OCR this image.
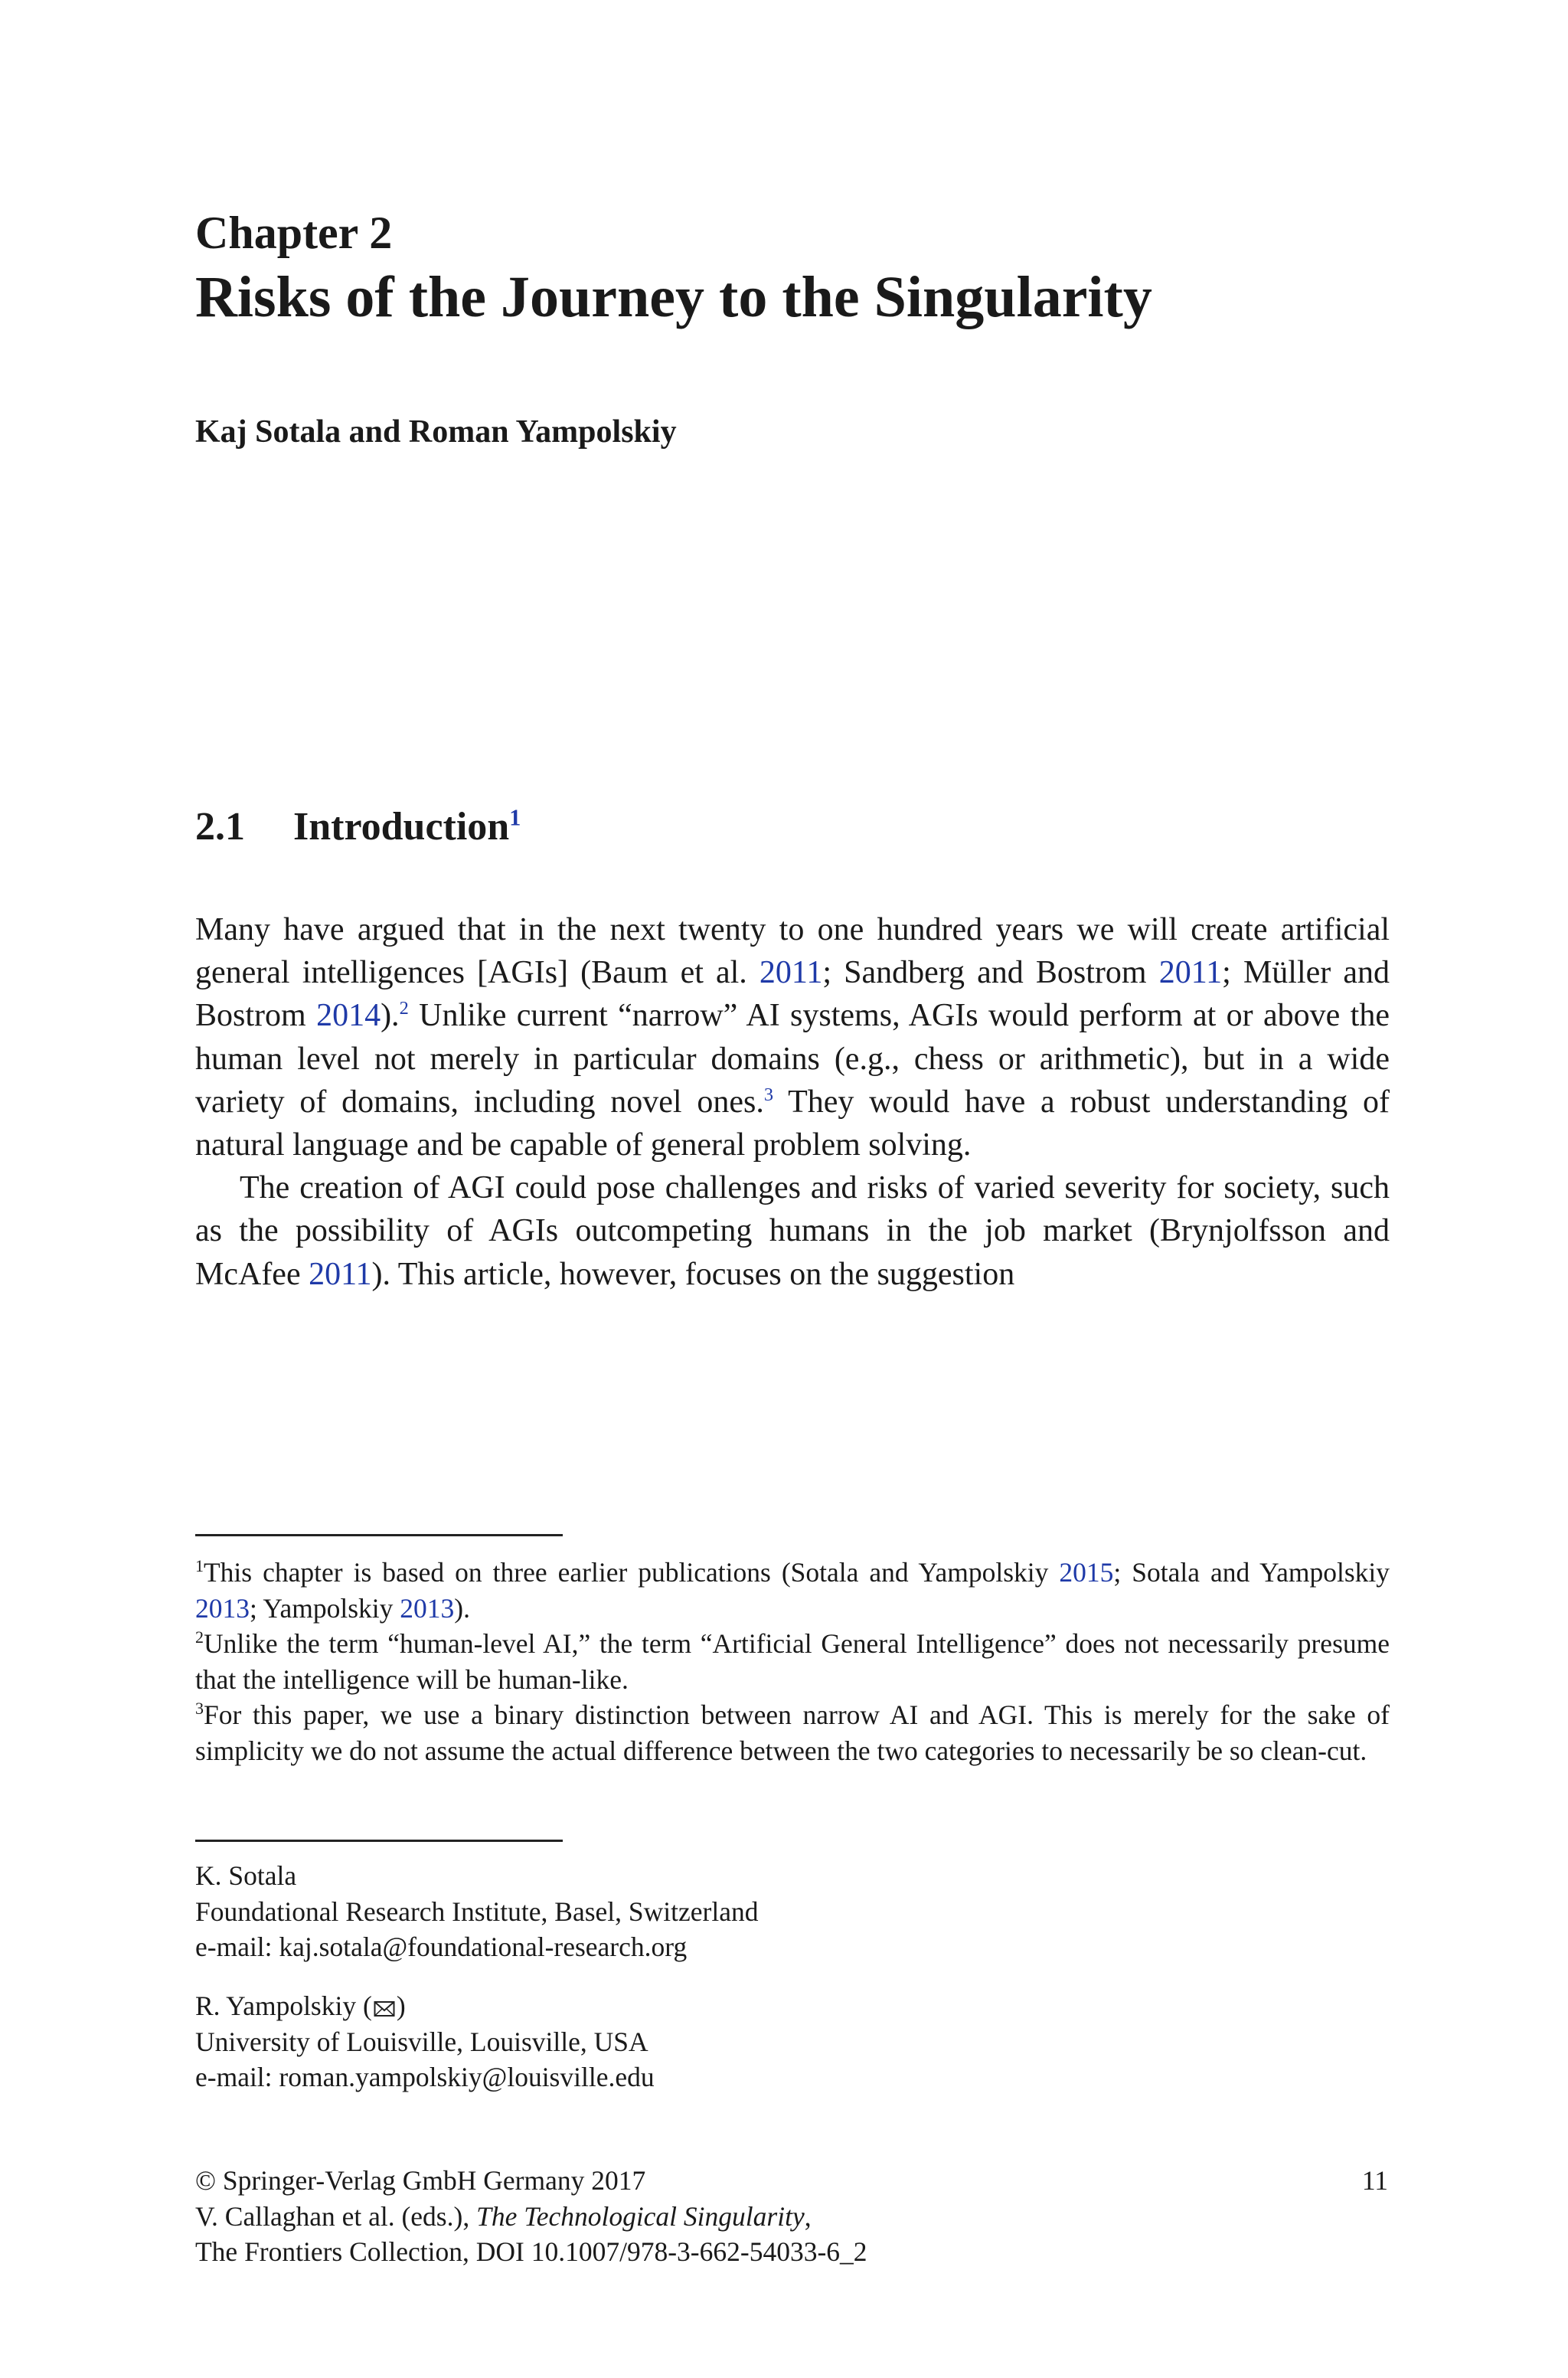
Chapter 2
Risks of the Journey to the Singularity
Kaj Sotala and Roman Yampolskiy
2.1 Introduction$^1$

Many have argued that in the next twenty to one hundred years we will create artificial general intelligences [AGIs] (Baum et al. 2011; Sandberg and Bostrom 2011; Müller and Bostrom 2014).$^2$ Unlike current “narrow” AI systems, AGIs would perform at or above the human level not merely in particular domains (e.g., chess or arithmetic), but in a wide variety of domains, including novel ones.$^3$ They would have a robust understanding of natural language and be capable of general problem solving.

The creation of AGI could pose challenges and risks of varied severity for society, such as the possibility of AGIs outcompeting humans in the job market (Brynjolfsson and McAfee 2011). This article, however, focuses on the suggestion

$^1$This chapter is based on three earlier publications (Sotala and Yampolskiy 2015; Sotala and Yampolskiy 2013; Yampolskiy 2013).

$^2$Unlike the term “human-level AI,” the term “Artificial General Intelligence” does not necessarily presume that the intelligence will be human-like.

$^3$For this paper, we use a binary distinction between narrow AI and AGI. This is merely for the sake of simplicity we do not assume the actual difference between the two categories to necessarily be so clean-cut.

K. Sotala
Foundational Research Institute, Basel, Switzerland
e-mail: kaj.sotala@foundational-research.org
R. Yampolskiy ( )
University of Louisville, Louisville, USA
e-mail: roman.yampolskiy@louisville.edu
© Springer-Verlag GmbH Germany 2017
V. Callaghan et al. (eds.), The Technological Singularity,
The Frontiers Collection, DOI 10.1007/978-3-662-54033-6_2
11
